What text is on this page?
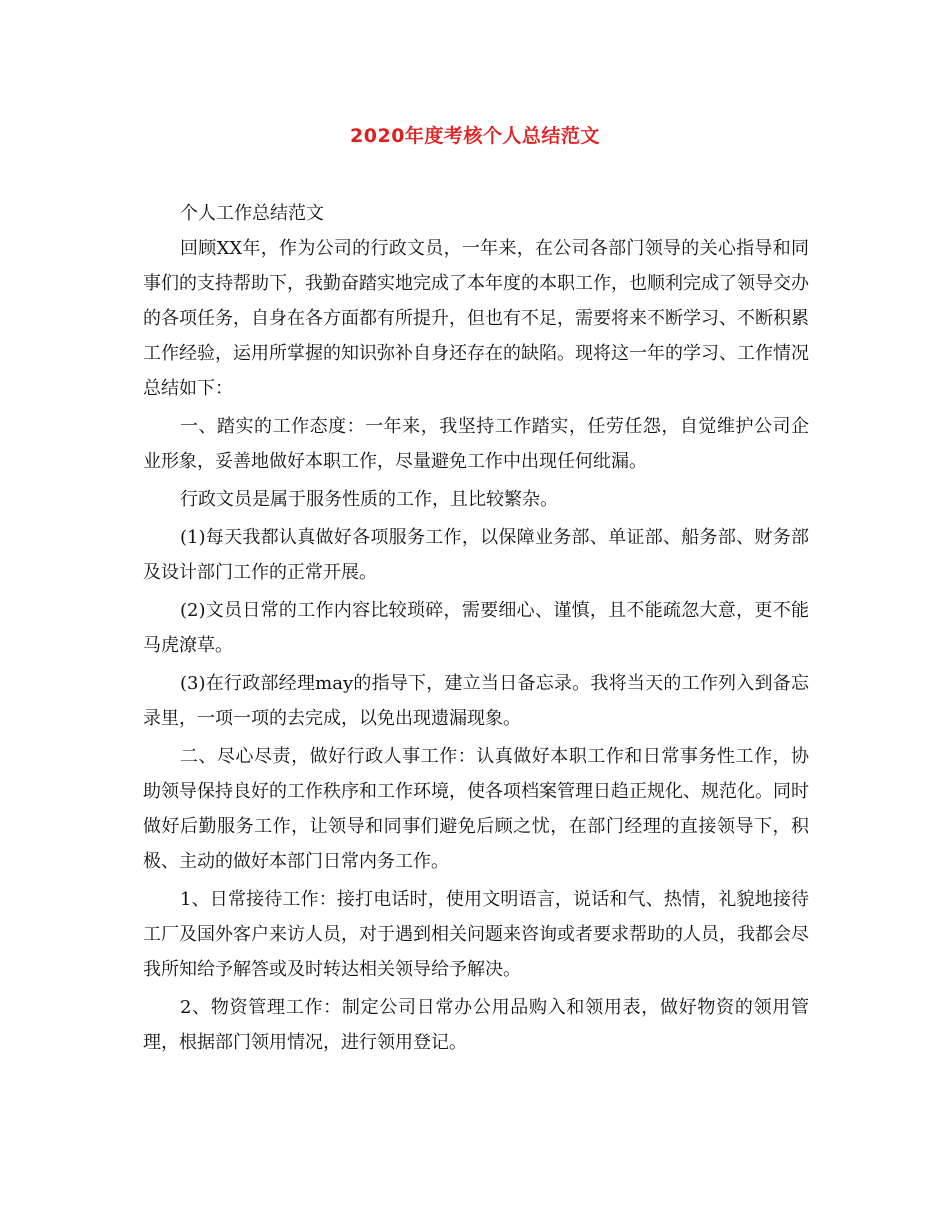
2020年度考核个人总结范文

个人工作总结范文

回顾XX年，作为公司的行政文员，一年来，在公司各部门领导的关心指导和同事们的支持帮助下，我勤奋踏实地完成了本年度的本职工作，也顺利完成了领导交办的各项任务，自身在各方面都有所提升，但也有不足，需要将来不断学习、不断积累工作经验，运用所掌握的知识弥补自身还存在的缺陷。现将这一年的学习、工作情况总结如下：

一、踏实的工作态度：一年来，我坚持工作踏实，任劳任怨，自觉维护公司企业形象，妥善地做好本职工作，尽量避免工作中出现任何纰漏。

行政文员是属于服务性质的工作，且比较繁杂。

(1)每天我都认真做好各项服务工作，以保障业务部、单证部、船务部、财务部及设计部门工作的正常开展。

(2)文员日常的工作内容比较琐碎，需要细心、谨慎，且不能疏忽大意，更不能马虎潦草。

(3)在行政部经理may的指导下，建立当日备忘录。我将当天的工作列入到备忘录里，一项一项的去完成，以免出现遗漏现象。

二、尽心尽责，做好行政人事工作：认真做好本职工作和日常事务性工作，协助领导保持良好的工作秩序和工作环境，使各项档案管理日趋正规化、规范化。同时做好后勤服务工作，让领导和同事们避免后顾之忧，在部门经理的直接领导下，积极、主动的做好本部门日常内务工作。

1、日常接待工作：接打电话时，使用文明语言，说话和气、热情，礼貌地接待工厂及国外客户来访人员，对于遇到相关问题来咨询或者要求帮助的人员，我都会尽我所知给予解答或及时转达相关领导给予解决。

2、物资管理工作：制定公司日常办公用品购入和领用表，做好物资的领用管理，根据部门领用情况，进行领用登记。
